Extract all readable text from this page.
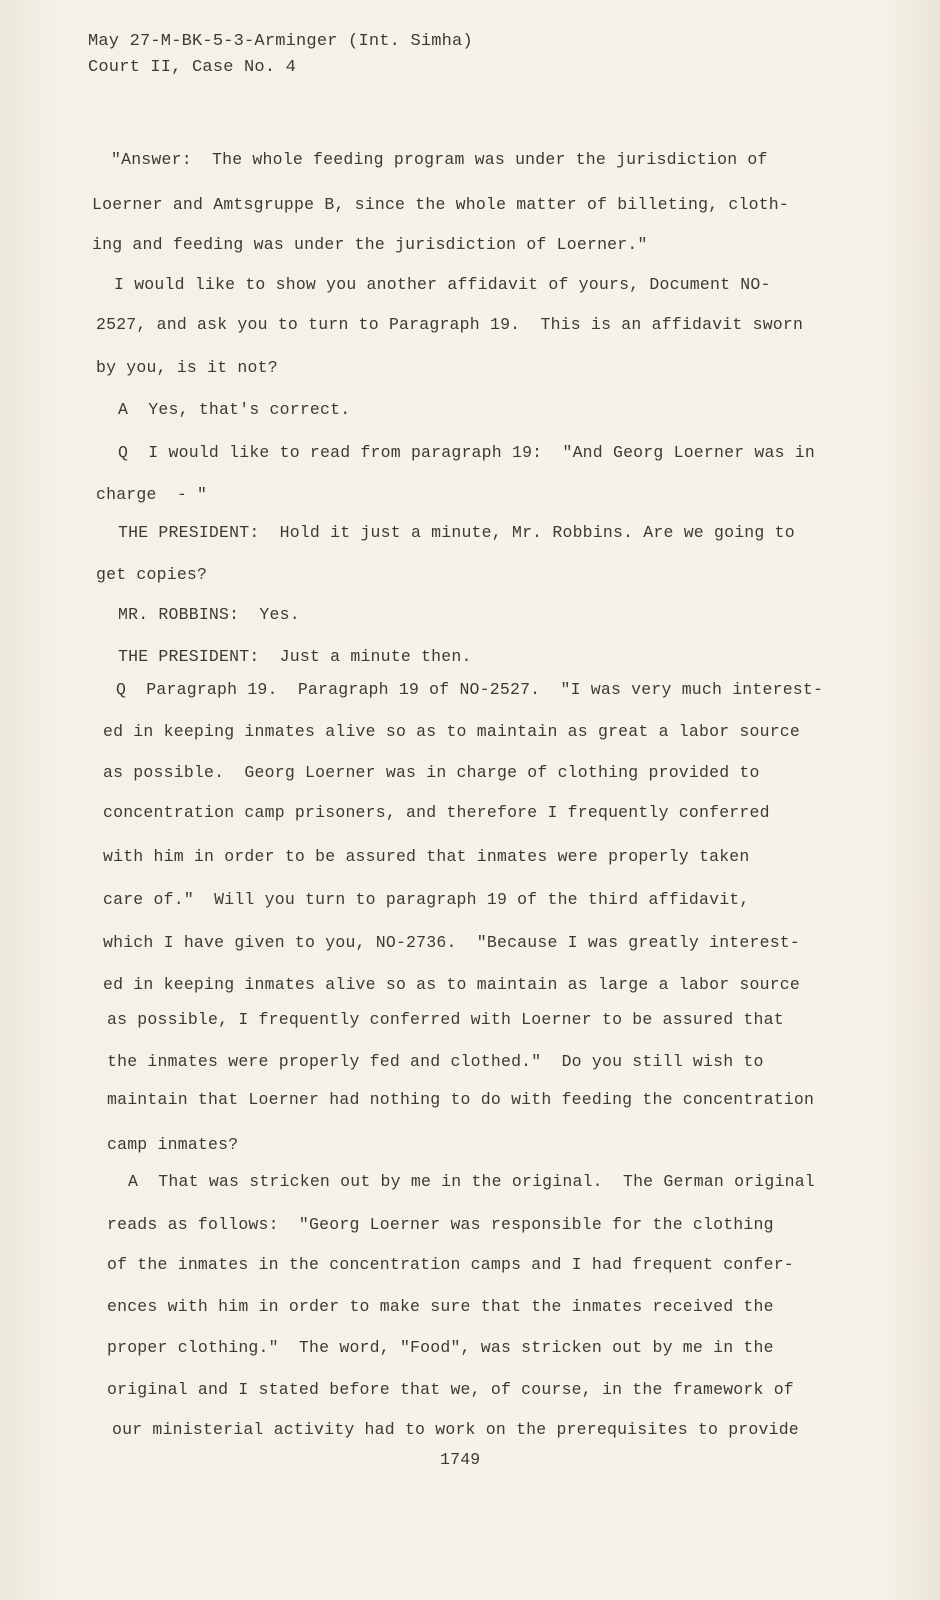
May 27-M-BK-5-3-Arminger (Int. Simha)
Court II, Case No. 4
"Answer:  The whole feeding program was under the jurisdiction of
Loerner and Amtsgruppe B, since the whole matter of billeting, cloth-
ing and feeding was under the jurisdiction of Loerner."
I would like to show you another affidavit of yours, Document NO-
2527, and ask you to turn to Paragraph 19.  This is an affidavit sworn
by you, is it not?
A  Yes, that's correct.
Q  I would like to read from paragraph 19:  "And Georg Loerner was in
charge  - "
THE PRESIDENT:  Hold it just a minute, Mr. Robbins. Are we going to
get copies?
MR. ROBBINS:  Yes.
THE PRESIDENT:  Just a minute then.
Q  Paragraph 19.  Paragraph 19 of NO-2527.  "I was very much interest-
ed in keeping inmates alive so as to maintain as great a labor source
as possible.  Georg Loerner was in charge of clothing provided to
concentration camp prisoners, and therefore I frequently conferred
with him in order to be assured that inmates were properly taken
care of."  Will you turn to paragraph 19 of the third affidavit,
which I have given to you, NO-2736.  "Because I was greatly interest-
ed in keeping inmates alive so as to maintain as large a labor source
as possible, I frequently conferred with Loerner to be assured that
the inmates were properly fed and clothed."  Do you still wish to
maintain that Loerner had nothing to do with feeding the concentration
camp inmates?
A  That was stricken out by me in the original.  The German original
reads as follows:  "Georg Loerner was responsible for the clothing
of the inmates in the concentration camps and I had frequent confer-
ences with him in order to make sure that the inmates received the
proper clothing."  The word, "Food", was stricken out by me in the
original and I stated before that we, of course, in the framework of
our ministerial activity had to work on the prerequisites to provide
1749
